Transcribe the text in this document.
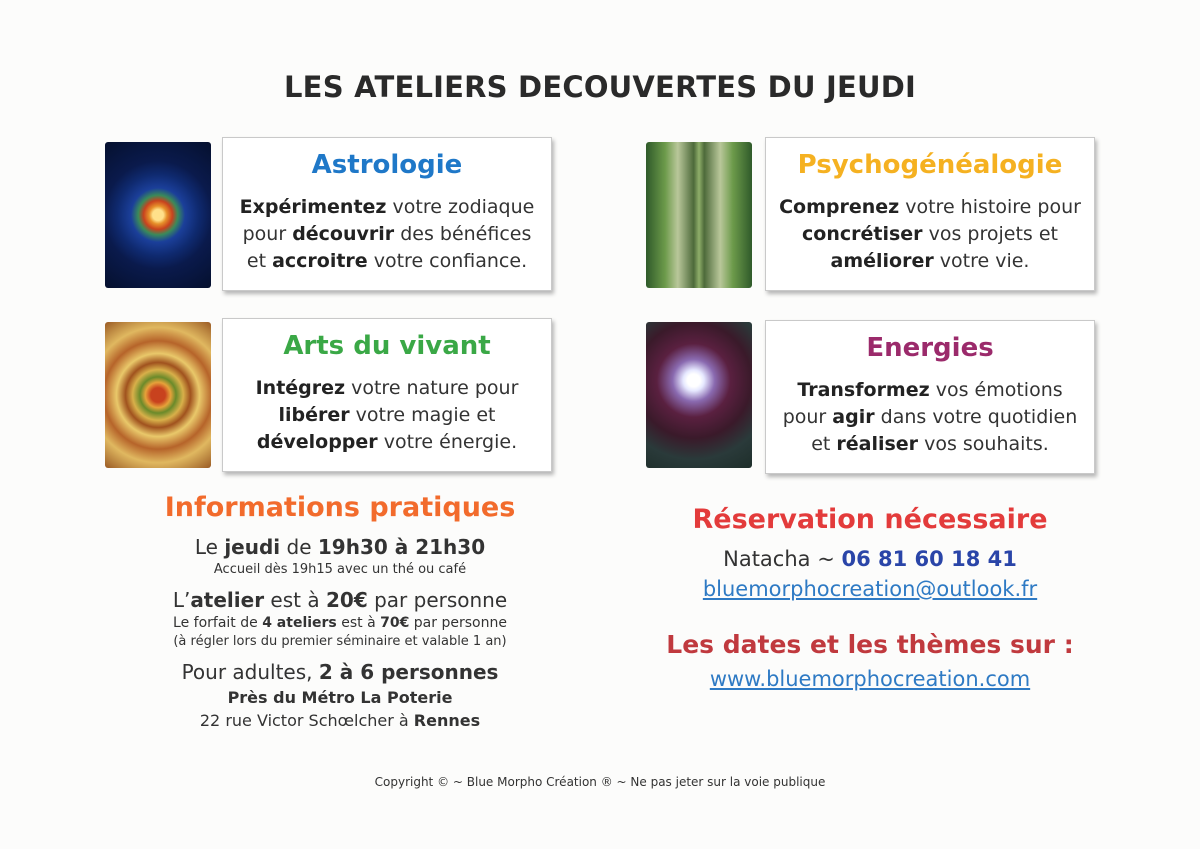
LES ATELIERS DECOUVERTES DU JEUDI
Astrologie
Expérimentez votre zodiaque
pour découvrir des bénéfices
et accroitre votre confiance.
Psychogénéalogie
Comprenez votre histoire pour
concrétiser vos projets et
améliorer votre vie.
Arts du vivant
Intégrez votre nature pour
libérer votre magie et
développer votre énergie.
Energies
Transformez vos émotions
pour agir dans votre quotidien
et réaliser vos souhaits.
Informations pratiques
Le jeudi de 19h30 à 21h30
Accueil dès 19h15 avec un thé ou café
L’atelier est à 20€ par personne
Le forfait de 4 ateliers est à 70€ par personne
(à régler lors du premier séminaire et valable 1 an)
Pour adultes, 2 à 6 personnes
Près du Métro La Poterie
22 rue Victor Schœlcher à Rennes
Réservation nécessaire
Natacha ~ 06 81 60 18 41
bluemorphocreation@outlook.fr
Les dates et les thèmes sur :
www.bluemorphocreation.com
Copyright © ~ Blue Morpho Création ® ~ Ne pas jeter sur la voie publique
